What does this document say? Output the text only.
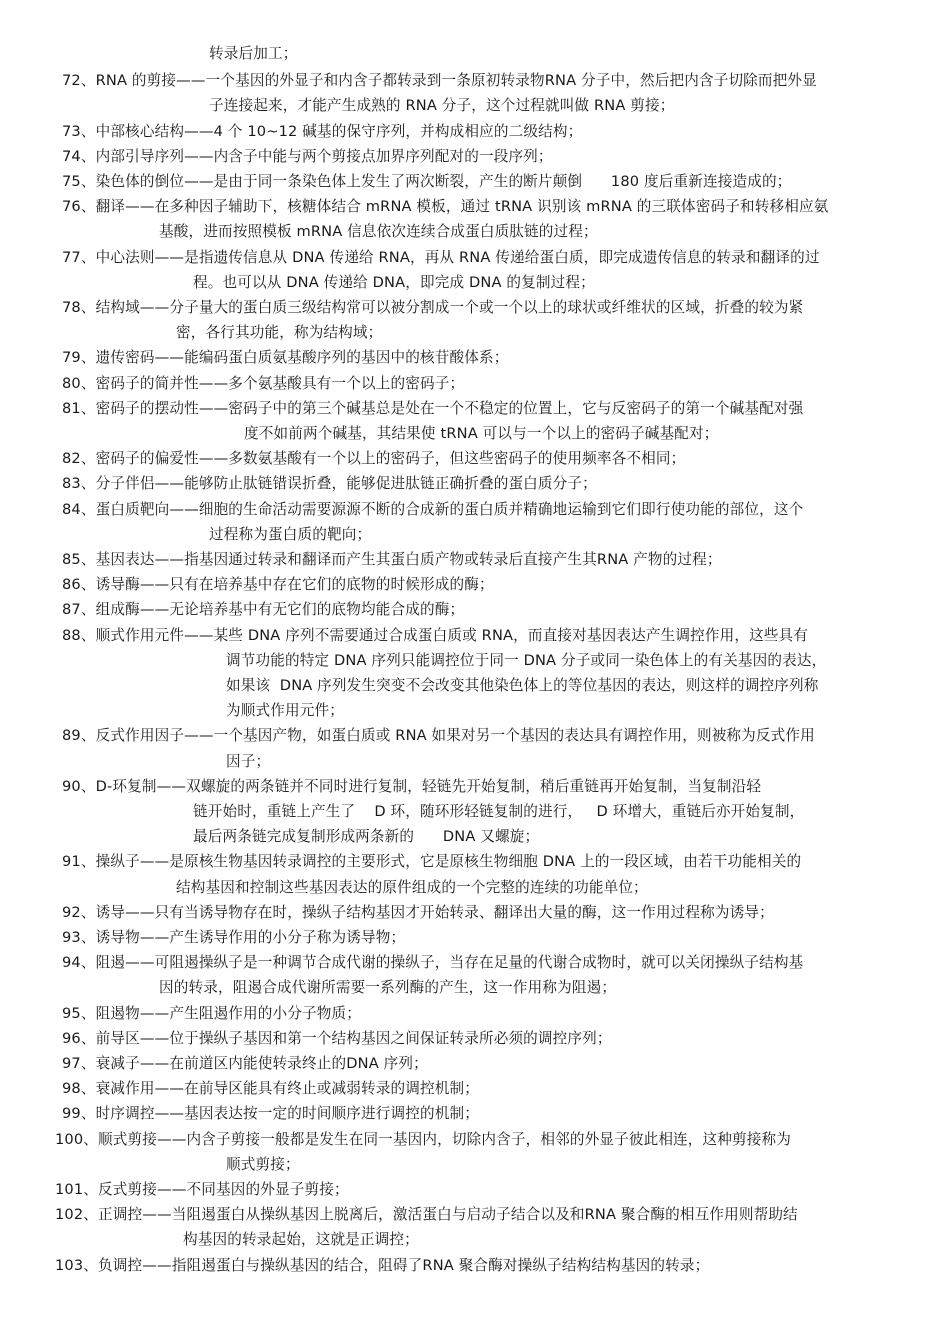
转录后加工；
72、RNA 的剪接——一个基因的外显子和内含子都转录到一条原初转录物RNA 分子中，然后把内含子切除而把外显
子连接起来，才能产生成熟的 RNA 分子，这个过程就叫做 RNA 剪接；
73、中部核心结构——4 个 10~12 碱基的保守序列，并构成相应的二级结构；
74、内部引导序列——内含子中能与两个剪接点加界序列配对的一段序列；
75、染色体的倒位——是由于同一条染色体上发生了两次断裂，产生的断片颠倒      180 度后重新连接造成的；
76、翻译——在多种因子辅助下，核糖体结合 mRNA 模板，通过 tRNA 识别该 mRNA 的三联体密码子和转移相应氨
基酸，进而按照模板 mRNA 信息依次连续合成蛋白质肽链的过程；
77、中心法则——是指遗传信息从 DNA 传递给 RNA，再从 RNA 传递给蛋白质，即完成遗传信息的转录和翻译的过
程。也可以从 DNA 传递给 DNA，即完成 DNA 的复制过程；
78、结构域——分子量大的蛋白质三级结构常可以被分割成一个或一个以上的球状或纤维状的区域，折叠的较为紧
密，各行其功能，称为结构域；
79、遗传密码——能编码蛋白质氨基酸序列的基因中的核苷酸体系；
80、密码子的简并性——多个氨基酸具有一个以上的密码子；
81、密码子的摆动性——密码子中的第三个碱基总是处在一个不稳定的位置上，它与反密码子的第一个碱基配对强
度不如前两个碱基，其结果使 tRNA 可以与一个以上的密码子碱基配对；
82、密码子的偏爱性——多数氨基酸有一个以上的密码子，但这些密码子的使用频率各不相同；
83、分子伴侣——能够防止肽链错误折叠，能够促进肽链正确折叠的蛋白质分子；
84、蛋白质靶向——细胞的生命活动需要源源不断的合成新的蛋白质并精确地运输到它们即行使功能的部位，这个
过程称为蛋白质的靶向；
85、基因表达——指基因通过转录和翻译而产生其蛋白质产物或转录后直接产生其RNA 产物的过程；
86、诱导酶——只有在培养基中存在它们的底物的时候形成的酶；
87、组成酶——无论培养基中有无它们的底物均能合成的酶；
88、顺式作用元件——某些 DNA 序列不需要通过合成蛋白质或 RNA，而直接对基因表达产生调控作用，这些具有
调节功能的特定 DNA 序列只能调控位于同一 DNA 分子或同一染色体上的有关基因的表达，
如果该  DNA 序列发生突变不会改变其他染色体上的等位基因的表达，则这样的调控序列称
为顺式作用元件；
89、反式作用因子——一个基因产物，如蛋白质或 RNA 如果对另一个基因的表达具有调控作用，则被称为反式作用
因子；
90、D-环复制——双螺旋的两条链并不同时进行复制，轻链先开始复制，稍后重链再开始复制，当复制沿轻
链开始时，重链上产生了    D 环，随环形轻链复制的进行，   D 环增大，重链后亦开始复制，
最后两条链完成复制形成两条新的      DNA 又螺旋；
91、操纵子——是原核生物基因转录调控的主要形式，它是原核生物细胞 DNA 上的一段区域，由若干功能相关的
结构基因和控制这些基因表达的原件组成的一个完整的连续的功能单位；
92、诱导——只有当诱导物存在时，操纵子结构基因才开始转录、翻译出大量的酶，这一作用过程称为诱导；
93、诱导物——产生诱导作用的小分子称为诱导物；
94、阻遏——可阻遏操纵子是一种调节合成代谢的操纵子，当存在足量的代谢合成物时，就可以关闭操纵子结构基
因的转录，阻遏合成代谢所需要一系列酶的产生，这一作用称为阻遏；
95、阻遏物——产生阻遏作用的小分子物质；
96、前导区——位于操纵子基因和第一个结构基因之间保证转录所必须的调控序列；
97、衰减子——在前道区内能使转录终止的DNA 序列；
98、衰减作用——在前导区能具有终止或减弱转录的调控机制；
99、时序调控——基因表达按一定的时间顺序进行调控的机制；
100、顺式剪接——内含子剪接一般都是发生在同一基因内，切除内含子，相邻的外显子彼此相连，这种剪接称为
顺式剪接；
101、反式剪接——不同基因的外显子剪接；
102、正调控——当阻遏蛋白从操纵基因上脱离后，激活蛋白与启动子结合以及和RNA 聚合酶的相互作用则帮助结
构基因的转录起始，这就是正调控；
103、负调控——指阻遏蛋白与操纵基因的结合，阻碍了RNA 聚合酶对操纵子结构结构基因的转录；
